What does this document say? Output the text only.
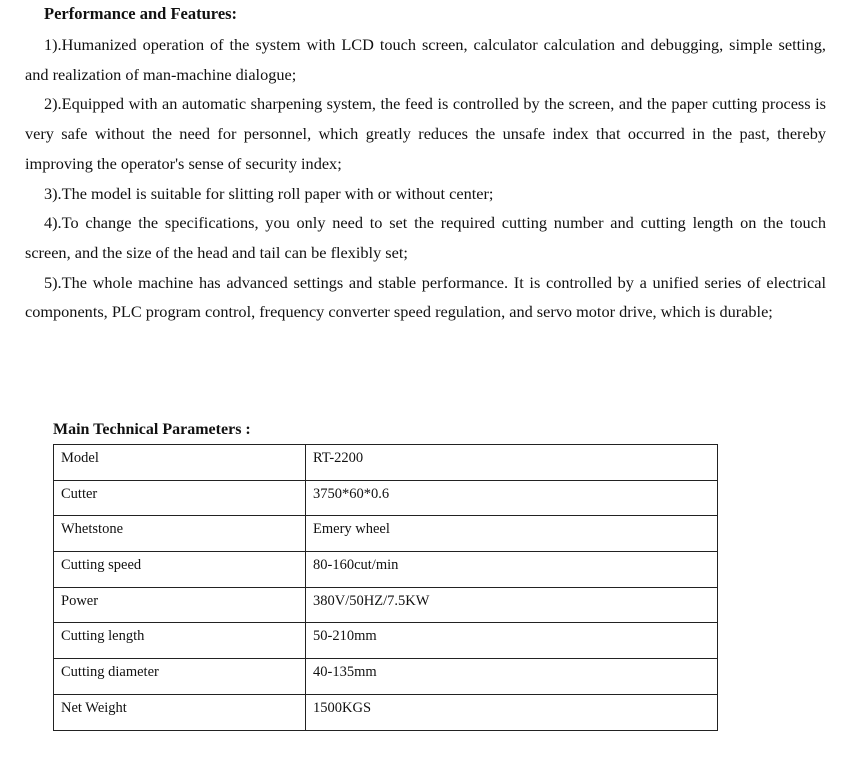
Performance and Features:

1).Humanized operation of the system with LCD touch screen, calculator calculation and debugging, simple setting, and realization of man-machine dialogue;

2).Equipped with an automatic sharpening system, the feed is controlled by the screen, and the paper cutting process is very safe without the need for personnel, which greatly reduces the unsafe index that occurred in the past, thereby improving the operator's sense of security index;

3).The model is suitable for slitting roll paper with or without center;

4).To change the specifications, you only need to set the required cutting number and cutting length on the touch screen, and the size of the head and tail can be flexibly set;

5).The whole machine has advanced settings and stable performance. It is controlled by a unified series of electrical components, PLC program control, frequency converter speed regulation, and servo motor drive, which is durable;

Main Technical Parameters :
Model	RT-2200
Cutter	3750*60*0.6
Whetstone	Emery wheel
Cutting speed	80-160cut/min
Power	380V/50HZ/7.5KW
Cutting length	50-210mm
Cutting diameter	40-135mm
Net Weight	1500KGS
